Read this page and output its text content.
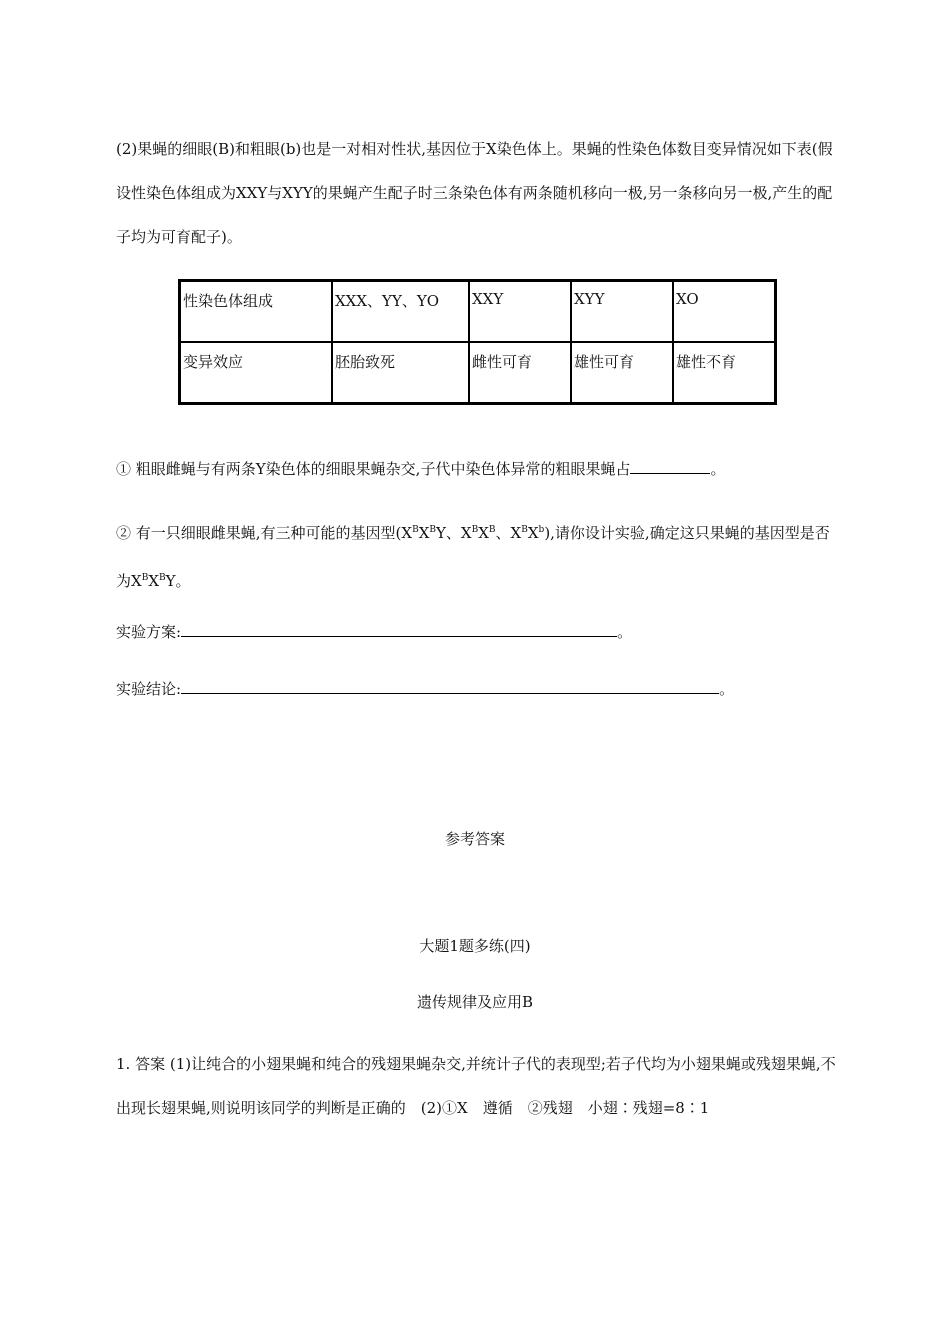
(2)果蝇的细眼(B)和粗眼(b)也是一对相对性状,基因位于X染色体上。果蝇的性染色体数目变异情况如下表(假设性染色体组成为XXY与XYY的果蝇产生配子时三条染色体有两条随机移向一极,另一条移向另一极,产生的配子均为可育配子)。

性染色体组成	XXX、YY、YO	XXY	XYY	XO
变异效应	胚胎致死	雌性可育	雄性可育	雄性不育

① 粗眼雌蝇与有两条Y染色体的细眼果蝇杂交,子代中染色体异常的粗眼果蝇占	。

② 有一只细眼雌果蝇,有三种可能的基因型($X^BX^BY$、$X^BX^B$、$X^BX^b$),请你设计实验,确定这只果蝇的基因型是否为$X^BX^BY$。

实验方案:	。

实验结论:	。

参考答案

大题1题多练(四)

遗传规律及应用B

1. 答案 (1)让纯合的小翅果蝇和纯合的残翅果蝇杂交,并统计子代的表现型;若子代均为小翅果蝇或残翅果蝇,不出现长翅果蝇,则说明该同学的判断是正确的　(2)①X　遵循　②残翅　小翅∶残翅=8∶1
